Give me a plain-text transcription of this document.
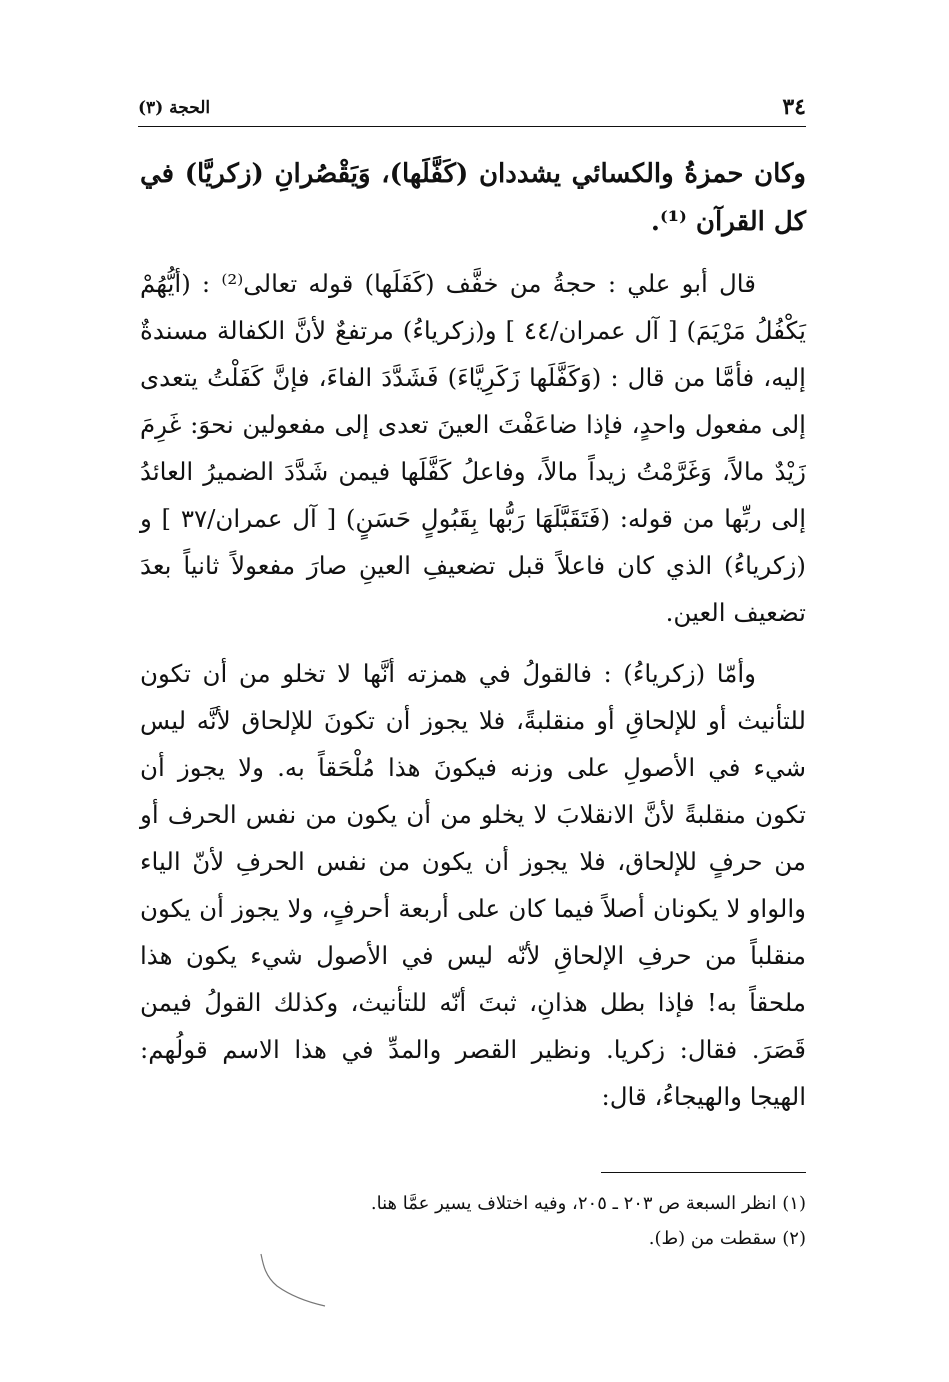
٣٤
الحجة (٣)

وكان حمزةُ والكسائي يشددان (كَفَّلَها)، وَيَقْصُرانِ (زكريَّا) في كل القرآن ⁽¹⁾.

قال أبو علي : حجةُ من خفَّف (كَفَلَها) قوله تعالى⁽²⁾ : (أيُّهُمْ يَكْفُلُ مَرْيَمَ) [ آل عمران/٤٤ ] و(زكرياءُ) مرتفعٌ لأنَّ الكفالة مسندةٌ إليه، فأمَّا من قال : (وَكَفَّلَها زَكَرِيَّاءَ) فَشَدَّدَ الفاءَ، فإنَّ كَفَلْتُ يتعدى إلى مفعول واحدٍ، فإذا ضاعَفْتَ العينَ تعدى إلى مفعولين نحوَ: غَرِمَ زَيْدٌ مالاً، وَغَرَّمْتُ زيداً مالاً، وفاعلُ كَفَّلَها فيمن شَدَّدَ الضميرُ العائدُ إلى ربِّها من قوله: (فَتَقَبَّلَهَا رَبُّها بِقَبُولٍ حَسَنٍ) [ آل عمران/٣٧ ] و (زكرياءُ) الذي كان فاعلاً قبل تضعيفِ العينِ صارَ مفعولاً ثانياً بعدَ تضعيف العين.

وأمّا (زكرياءُ) : فالقولُ في همزته أنَّها لا تخلو من أن تكون للتأنيث أو للإلحاقِ أو منقلبةً، فلا يجوز أن تكونَ للإلحاق لأنَّه ليس شيء في الأصولِ على وزنه فيكونَ هذا مُلْحَقاً به. ولا يجوز أن تكون منقلبةً لأنَّ الانقلابَ لا يخلو من أن يكون من نفس الحرف أو من حرفٍ للإلحاق، فلا يجوز أن يكون من نفس الحرفِ لأنّ الياء والواو لا يكونان أصلاً فيما كان على أربعة أحرفٍ، ولا يجوز أن يكون منقلباً من حرفِ الإلحاقِ لأنّه ليس في الأصول شيء يكون هذا ملحقاً به! فإذا بطل هذانِ، ثبتَ أنّه للتأنيث، وكذلك القولُ فيمن قَصَرَ. فقال: زكريا. ونظير القصر والمدِّ في هذا الاسم قولُهم: الهيجا والهيجاءُ، قال:

(١) انظر السبعة ص ٢٠٣ ـ ٢٠٥، وفيه اختلاف يسير عمَّا هنا.

(٢) سقطت من (ط).
